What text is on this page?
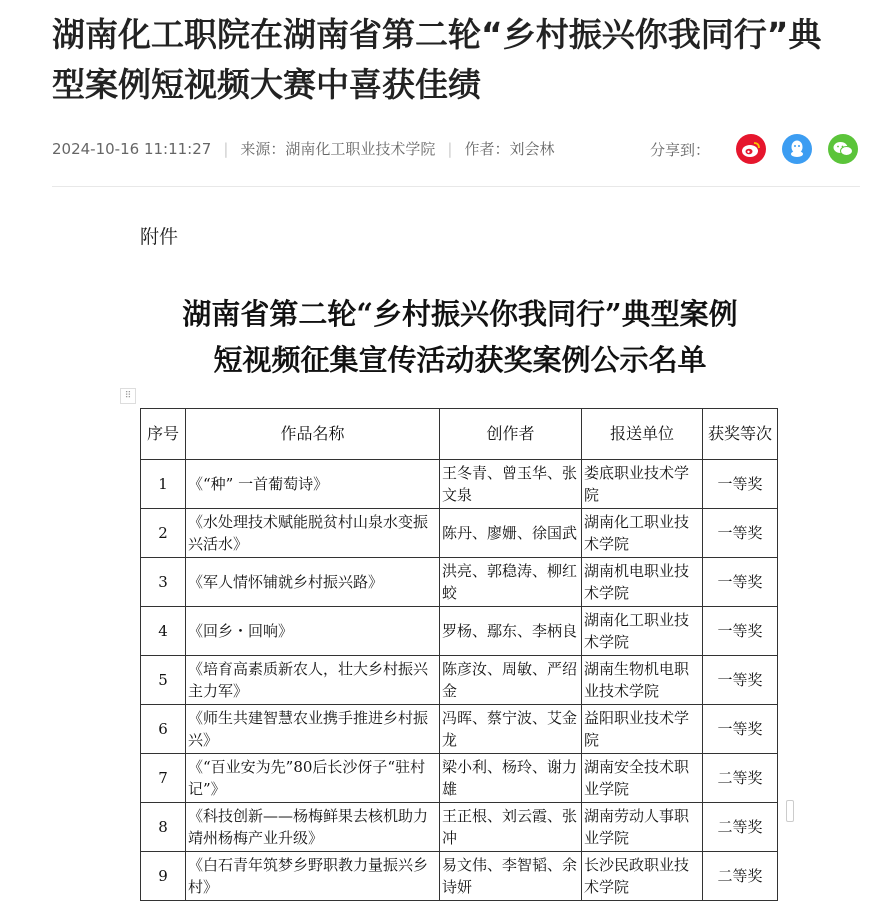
湖南化工职院在湖南省第二轮“乡村振兴你我同行”典型案例短视频大赛中喜获佳绩
2024-10-16 11:11:27 | 来源：湖南化工职业技术学院 | 作者：刘会林	分享到：
附件
湖南省第二轮“乡村振兴你我同行”典型案例
短视频征集宣传活动获奖案例公示名单
⠿
序号	作品名称	创作者	报送单位	获奖等次
1	《“种” 一首葡萄诗》	王冬青、曾玉华、张文泉	娄底职业技术学院	一等奖
2	《水处理技术赋能脱贫村山泉水变振兴活水》	陈丹、廖姗、徐国武	湖南化工职业技术学院	一等奖
3	《军人情怀铺就乡村振兴路》	洪亮、郭稳涛、柳红蛟	湖南机电职业技术学院	一等奖
4	《回乡・回响》	罗杨、鄢东、李柄良	湖南化工职业技术学院	一等奖
5	《培育高素质新农人，壮大乡村振兴主力军》	陈彦汝、周敏、严绍金	湖南生物机电职业技术学院	一等奖
6	《师生共建智慧农业携手推进乡村振兴》	冯晖、蔡宁波、艾金龙	益阳职业技术学院	一等奖
7	《“百业安为先”80后长沙伢子“驻村记”》	梁小利、杨玲、谢力雄	湖南安全技术职业学院	二等奖
8	《科技创新——杨梅鲜果去核机助力靖州杨梅产业升级》	王正根、刘云霞、张冲	湖南劳动人事职业学院	二等奖
9	《白石青年筑梦乡野职教力量振兴乡村》	易文伟、李智韬、余诗妍	长沙民政职业技术学院	二等奖
